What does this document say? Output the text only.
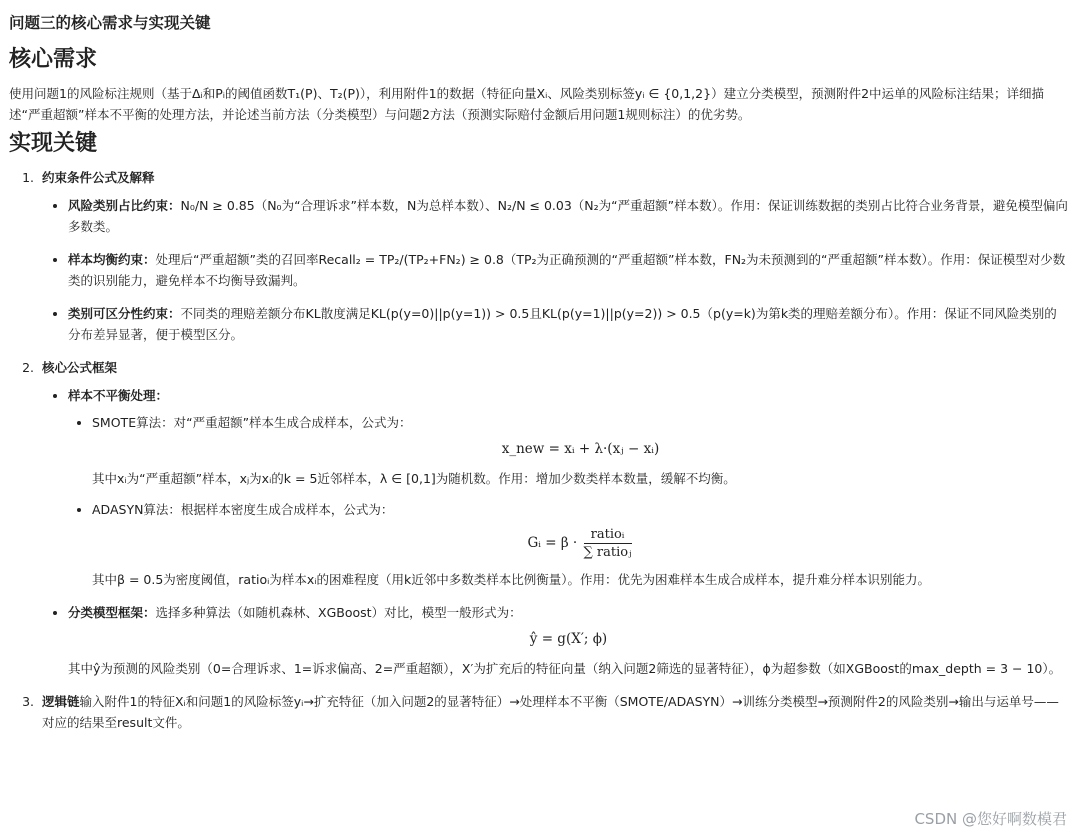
问题三的核心需求与实现关键
核心需求

使用问题1的风险标注规则（基于Δᵢ和Pᵢ的阈值函数T₁(P)、T₂(P)），利用附件1的数据（特征向量Xᵢ、风险类别标签yᵢ ∈ {0,1,2}）建立分类模型，预测附件2中运单的风险标注结果；详细描述“严重超额”样本不平衡的处理方法，并论述当前方法（分类模型）与问题2方法（预测实际赔付金额后用问题1规则标注）的优劣势。

实现关键
1. 约束条件公式及解释
• 风险类别占比约束：N₀/N ≥ 0.85（N₀为“合理诉求”样本数，N为总样本数）、N₂/N ≤ 0.03（N₂为“严重超额”样本数）。作用：保证训练数据的类别占比符合业务背景，避免模型偏向多数类。
• 样本均衡约束：处理后“严重超额”类的召回率Recall₂ = TP₂/(TP₂+FN₂) ≥ 0.8（TP₂为正确预测的“严重超额”样本数，FN₂为未预测到的“严重超额”样本数）。作用：保证模型对少数类的识别能力，避免样本不均衡导致漏判。
• 类别可区分性约束：不同类的理赔差额分布KL散度满足KL(p(y=0)||p(y=1)) > 0.5且KL(p(y=1)||p(y=2)) > 0.5（p(y=k)为第k类的理赔差额分布）。作用：保证不同风险类别的分布差异显著，便于模型区分。
2. 核心公式框架
• 样本不平衡处理：
• SMOTE算法：对“严重超额”样本生成合成样本，公式为：
x_new = xᵢ + λ·(xⱼ − xᵢ)
其中xᵢ为“严重超额”样本，xⱼ为xᵢ的k = 5近邻样本，λ ∈ [0,1]为随机数。作用：增加少数类样本数量，缓解不均衡。
• ADASYN算法：根据样本密度生成合成样本，公式为：
Gᵢ = $\beta \cdot \frac{\text{ratioᵢ}}{\text{∑ ratioⱼ}}$
其中β = 0.5为密度阈值，ratioᵢ为样本xᵢ的困难程度（用k近邻中多数类样本比例衡量）。作用：优先为困难样本生成合成样本，提升难分样本识别能力。
• 分类模型框架：选择多种算法（如随机森林、XGBoost）对比，模型一般形式为：
ŷ = g(X′; ϕ)
其中ŷ为预测的风险类别（0=合理诉求、1=诉求偏高、2=严重超额），X′为扩充后的特征向量（纳入问题2筛选的显著特征），ϕ为超参数（如XGBoost的max_depth = 3 − 10）。
3. 逻辑链输入附件1的特征Xᵢ和问题1的风险标签yᵢ→扩充特征（加入问题2的显著特征）→处理样本不平衡（SMOTE/ADASYN）→训练分类模型→预测附件2的风险类别→输出与运单号——对应的结果至result文件。
CSDN @您好啊数模君
